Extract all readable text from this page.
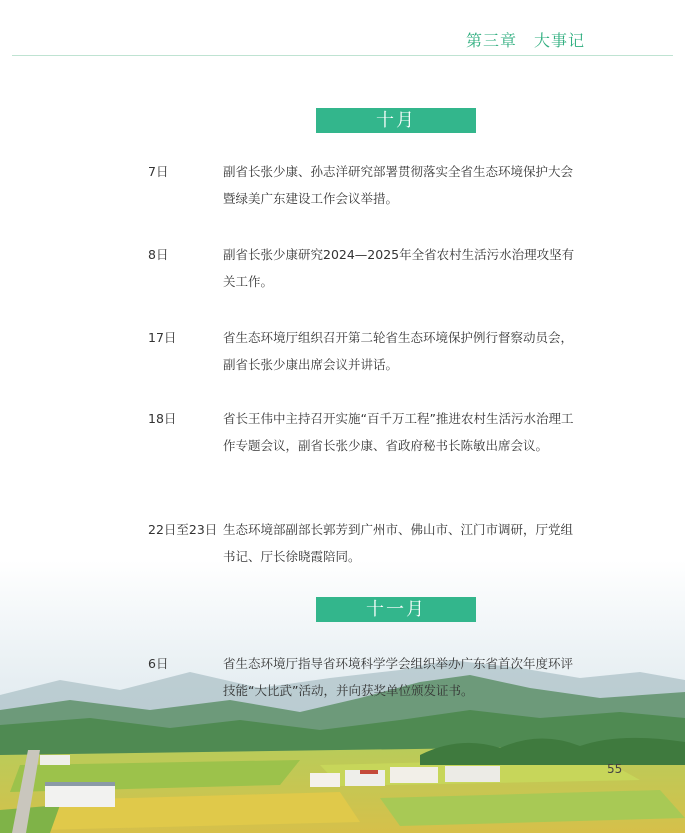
第三章　大事记
十月
7日	副省长张少康、孙志洋研究部署贯彻落实全省生态环境保护大会暨绿美广东建设工作会议举措。
8日	副省长张少康研究2024—2025年全省农村生活污水治理攻坚有关工作。
17日	省生态环境厅组织召开第二轮省生态环境保护例行督察动员会，副省长张少康出席会议并讲话。
18日	省长王伟中主持召开实施“百千万工程”推进农村生活污水治理工作专题会议，副省长张少康、省政府秘书长陈敏出席会议。
22日至23日 生态环境部副部长郭芳到广州市、佛山市、江门市调研，厅党组书记、厅长徐晓霞陪同。
十一月
6日	省生态环境厅指导省环境科学学会组织举办广东省首次年度环评技能“大比武”活动，并向获奖单位颁发证书。
55
